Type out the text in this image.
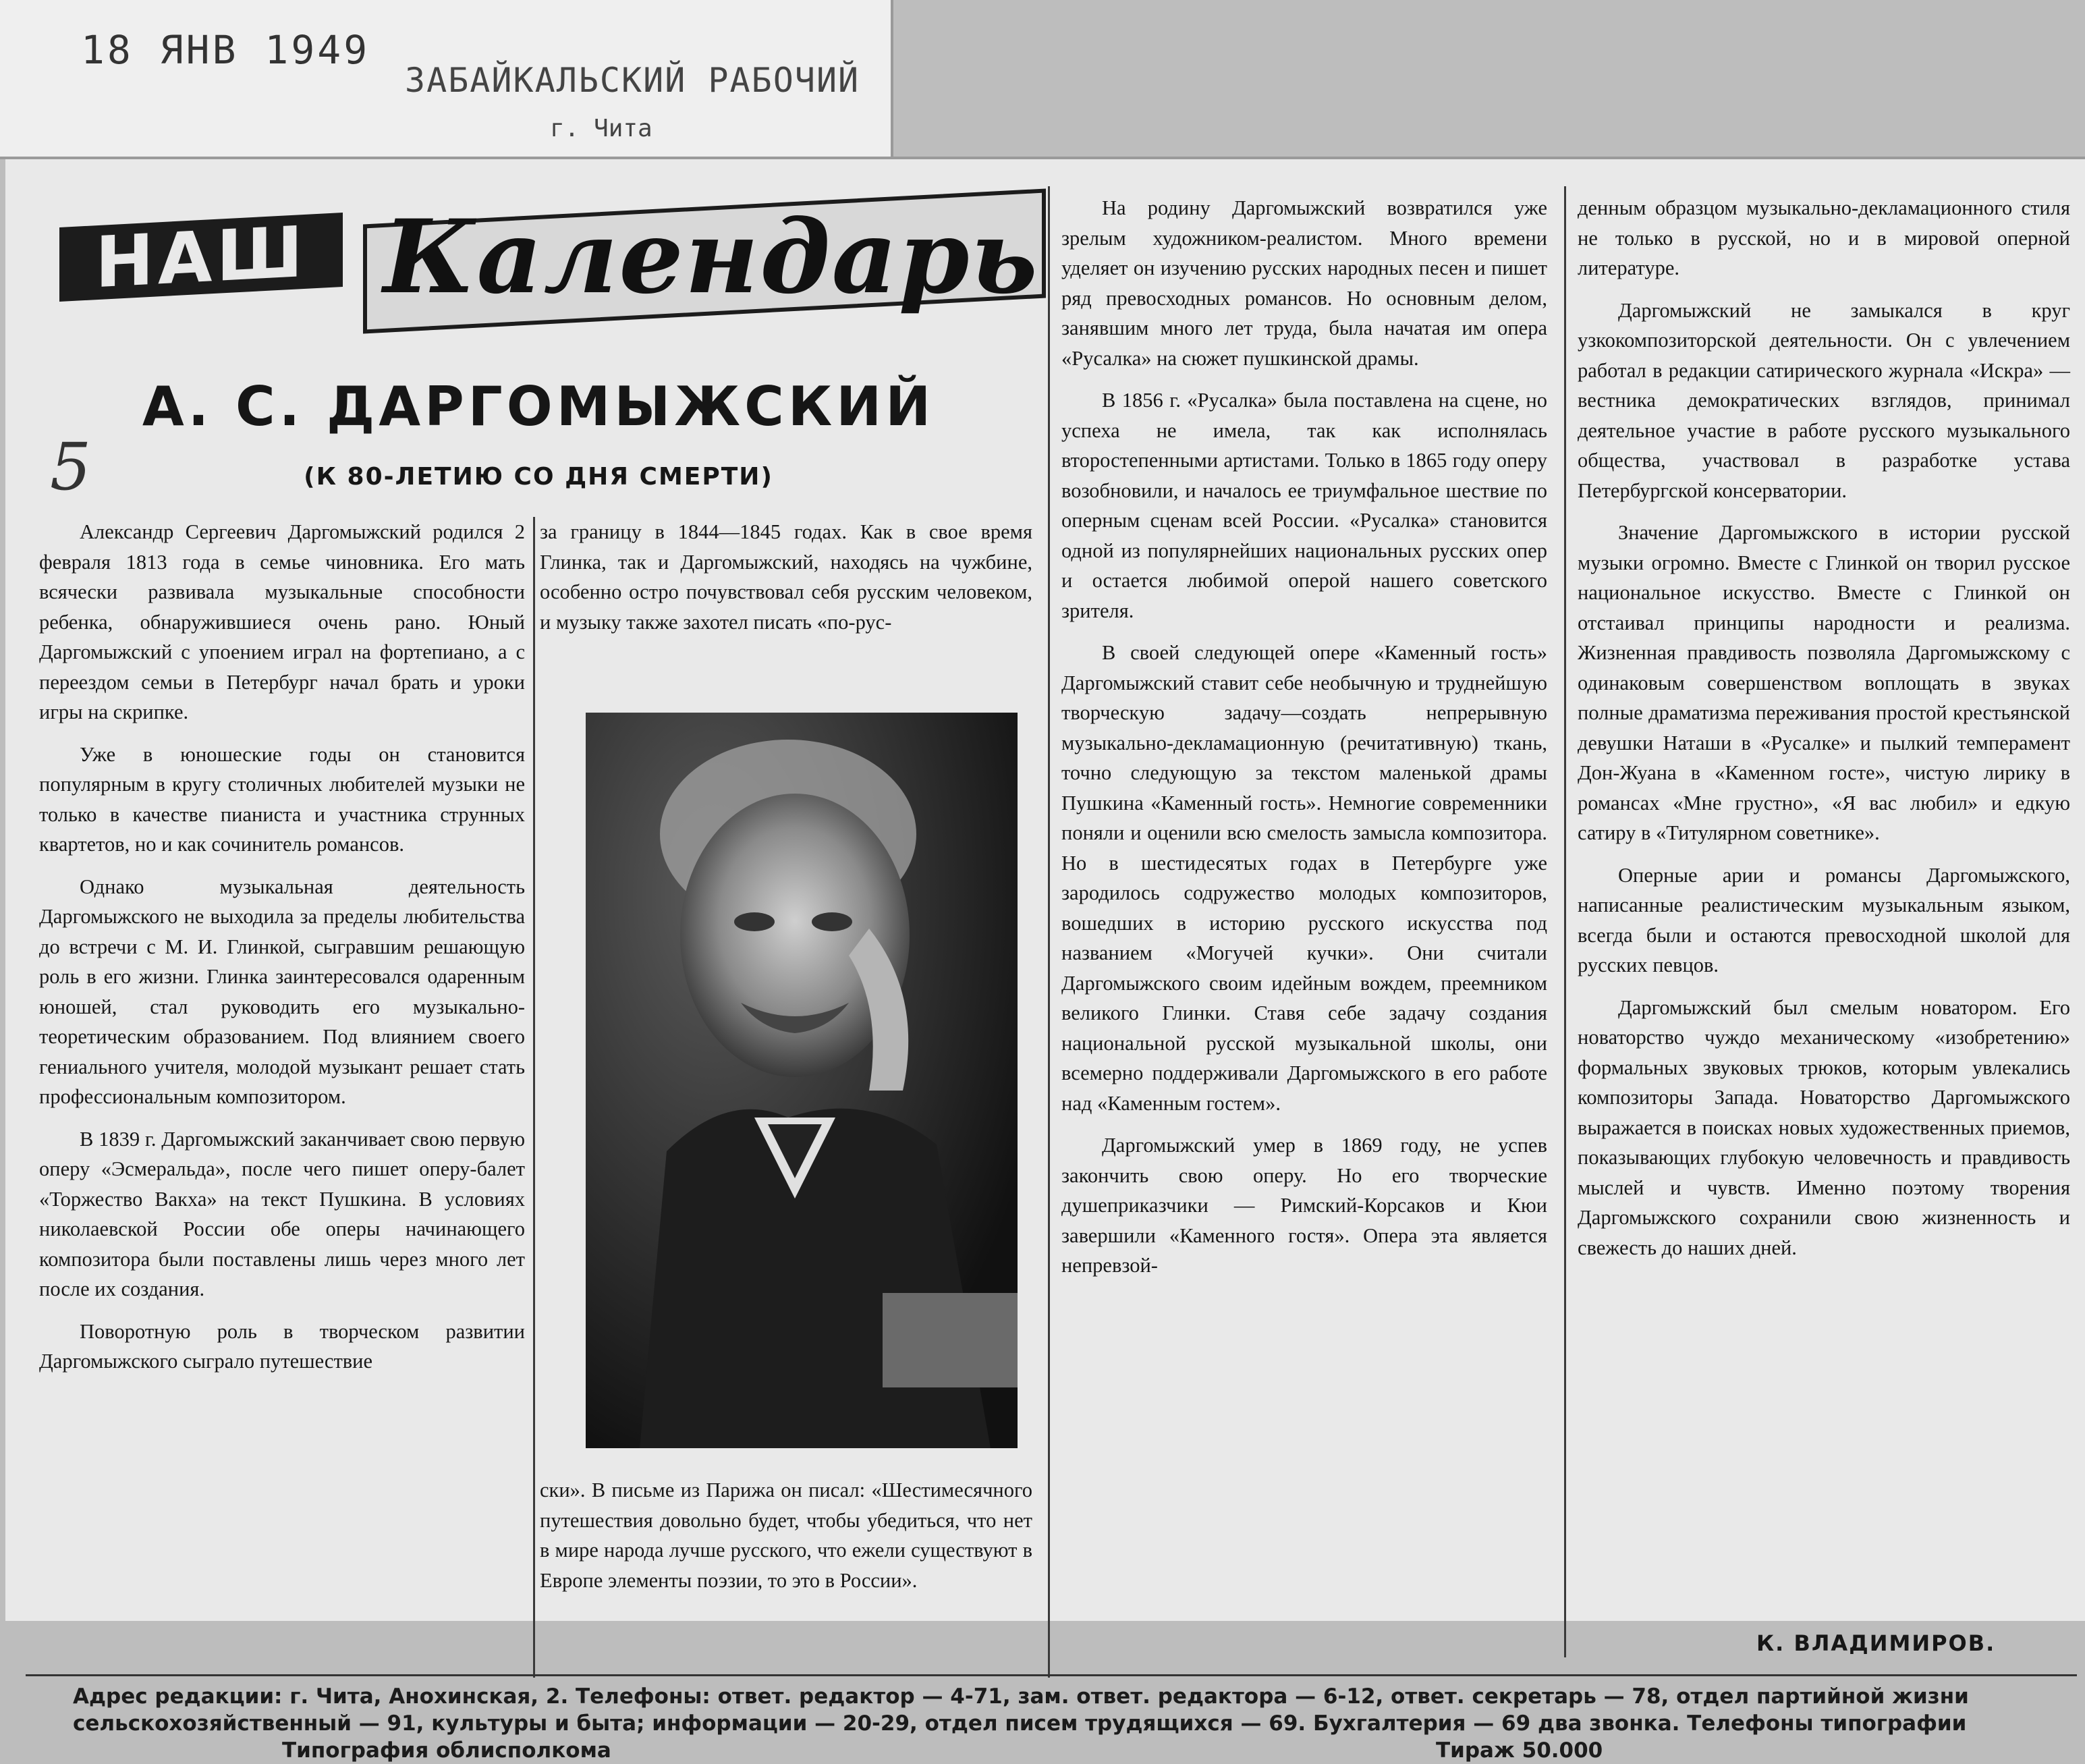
18 ЯНВ 1949
ЗАБАЙКАЛЬСКИЙ РАБОЧИЙ
г. Чита
5
НАШ Календарь
А. С. ДАРГОМЫЖСКИЙ
(К 80-ЛЕТИЮ СО ДНЯ СМЕРТИ)

Александр Сергеевич Даргомыжский родился 2 февраля 1813 года в семье чиновника. Его мать всячески развивала музыкальные способности ребенка, обнаружившиеся очень рано. Юный Даргомыжский с упоением играл на фортепиано, а с переездом семьи в Петербург начал брать и уроки игры на скрипке.

Уже в юношеские годы он становится популярным в кругу столичных любителей музыки не только в качестве пианиста и участника струнных квартетов, но и как сочинитель романсов.

Однако музыкальная деятельность Даргомыжского не выходила за пределы любительства до встречи с М. И. Глинкой, сыгравшим решающую роль в его жизни. Глинка заинтересовался одаренным юношей, стал руководить его музыкально-теоретическим образованием. Под влиянием своего гениального учителя, молодой музыкант решает стать профессиональным композитором.

В 1839 г. Даргомыжский заканчивает свою первую оперу «Эсмеральда», после чего пишет оперу-балет «Торжество Вакха» на текст Пушкина. В условиях николаевской России обе оперы начинающего композитора были поставлены лишь через много лет после их создания.

Поворотную роль в творческом развитии Даргомыжского сыграло путешествие

за границу в 1844—1845 годах. Как в свое время Глинка, так и Даргомыжский, находясь на чужбине, особенно остро почувствовал себя русским человеком, и музыку также захотел писать «по-рус-

ски». В письме из Парижа он писал: «Шестимесячного путешествия довольно будет, чтобы убедиться, что нет в мире народа лучше русского, что ежели существуют в Европе элементы поэзии, то это в России».

На родину Даргомыжский возвратился уже зрелым художником-реалистом. Много времени уделяет он изучению русских народных песен и пишет ряд превосходных романсов. Но основным делом, занявшим много лет труда, была начатая им опера «Русалка» на сюжет пушкинской драмы.

В 1856 г. «Русалка» была поставлена на сцене, но успеха не имела, так как исполнялась второстепенными артистами. Только в 1865 году оперу возобновили, и началось ее триумфальное шествие по оперным сценам всей России. «Русалка» становится одной из популярнейших национальных русских опер и остается любимой оперой нашего советского зрителя.

В своей следующей опере «Каменный гость» Даргомыжский ставит себе необычную и труднейшую творческую задачу—создать непрерывную музыкально-декламационную (речитативную) ткань, точно следующую за текстом маленькой драмы Пушкина «Каменный гость». Немногие современники поняли и оценили всю смелость замысла композитора. Но в шестидесятых годах в Петербурге уже зародилось содружество молодых композиторов, вошедших в историю русского искусства под названием «Могучей кучки». Они считали Даргомыжского своим идейным вождем, преемником великого Глинки. Ставя себе задачу создания национальной русской музыкальной школы, они всемерно поддерживали Даргомыжского в его работе над «Каменным гостем».

Даргомыжский умер в 1869 году, не успев закончить свою оперу. Но его творческие душеприказчики — Римский-Корсаков и Кюи завершили «Каменного гостя». Опера эта является непревзой-

денным образцом музыкально-декламационного стиля не только в русской, но и в мировой оперной литературе.

Даргомыжский не замыкался в круг узкокомпозиторской деятельности. Он с увлечением работал в редакции сатирического журнала «Искра» — вестника демократических взглядов, принимал деятельное участие в работе русского музыкального общества, участвовал в разработке устава Петербургской консерватории.

Значение Даргомыжского в истории русской музыки огромно. Вместе с Глинкой он творил русское национальное искусство. Вместе с Глинкой он отстаивал принципы народности и реализма. Жизненная правдивость позволяла Даргомыжскому с одинаковым совершенством воплощать в звуках полные драматизма переживания простой крестьянской девушки Наташи в «Русалке» и пылкий темперамент Дон-Жуана в «Каменном госте», чистую лирику в романсах «Мне грустно», «Я вас любил» и едкую сатиру в «Титулярном советнике».

Оперные арии и романсы Даргомыжского, написанные реалистическим музыкальным языком, всегда были и остаются превосходной школой для русских певцов.

Даргомыжский был смелым новатором. Его новаторство чуждо механическому «изобретению» формальных звуковых трюков, которым увлекались композиторы Запада. Новаторство Даргомыжского выражается в поисках новых художественных приемов, показывающих глубокую человечность и правдивость мыслей и чувств. Именно поэтому творения Даргомыжского сохранили свою жизненность и свежесть до наших дней.

К. ВЛАДИМИРОВ.
Адрес редакции: г. Чита, Анохинская, 2. Телефоны: ответ. редактор — 4-71, зам. ответ. редактора — 6-12, ответ. секретарь — 78, отдел партийной жизни
сельскохозяйственный — 91, культуры и быта; информации — 20-29, отдел писем трудящихся — 69. Бухгалтерия — 69 два звонка. Телефоны типографии
Типография облисполкома	Тираж 50.000
